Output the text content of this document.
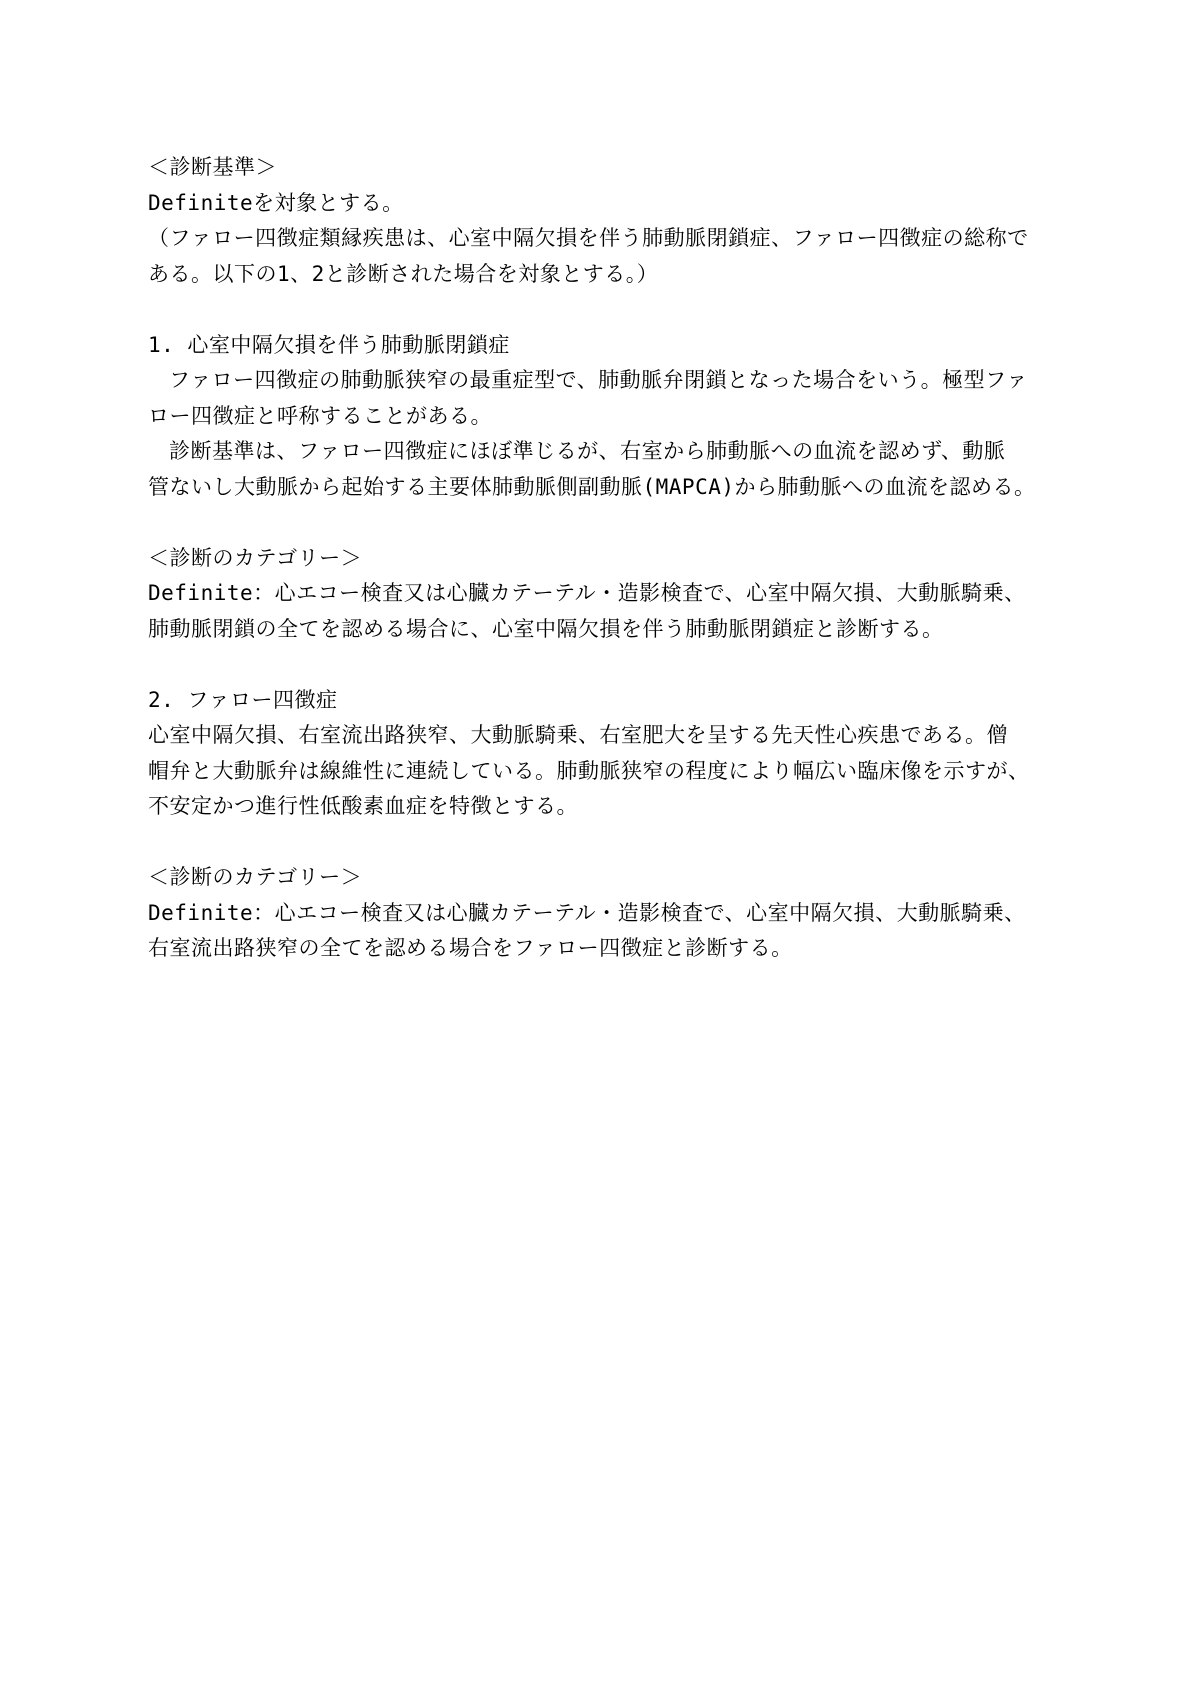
＜診断基準＞
Definiteを対象とする。
（ファロー四徴症類縁疾患は、心室中隔欠損を伴う肺動脈閉鎖症、ファロー四徴症の総称で
ある。以下の1、2と診断された場合を対象とする。）
1. 心室中隔欠損を伴う肺動脈閉鎖症
ファロー四徴症の肺動脈狭窄の最重症型で、肺動脈弁閉鎖となった場合をいう。極型ファ
ロー四徴症と呼称することがある。
診断基準は、ファロー四徴症にほぼ準じるが、右室から肺動脈への血流を認めず、動脈
管ないし大動脈から起始する主要体肺動脈側副動脈(MAPCA)から肺動脈への血流を認める。
＜診断のカテゴリー＞
Definite：心エコー検査又は心臓カテーテル・造影検査で、心室中隔欠損、大動脈騎乗、
肺動脈閉鎖の全てを認める場合に、心室中隔欠損を伴う肺動脈閉鎖症と診断する。
2. ファロー四徴症
心室中隔欠損、右室流出路狭窄、大動脈騎乗、右室肥大を呈する先天性心疾患である。僧
帽弁と大動脈弁は線維性に連続している。肺動脈狭窄の程度により幅広い臨床像を示すが、
不安定かつ進行性低酸素血症を特徴とする。
＜診断のカテゴリー＞
Definite：心エコー検査又は心臓カテーテル・造影検査で、心室中隔欠損、大動脈騎乗、
右室流出路狭窄の全てを認める場合をファロー四徴症と診断する。
